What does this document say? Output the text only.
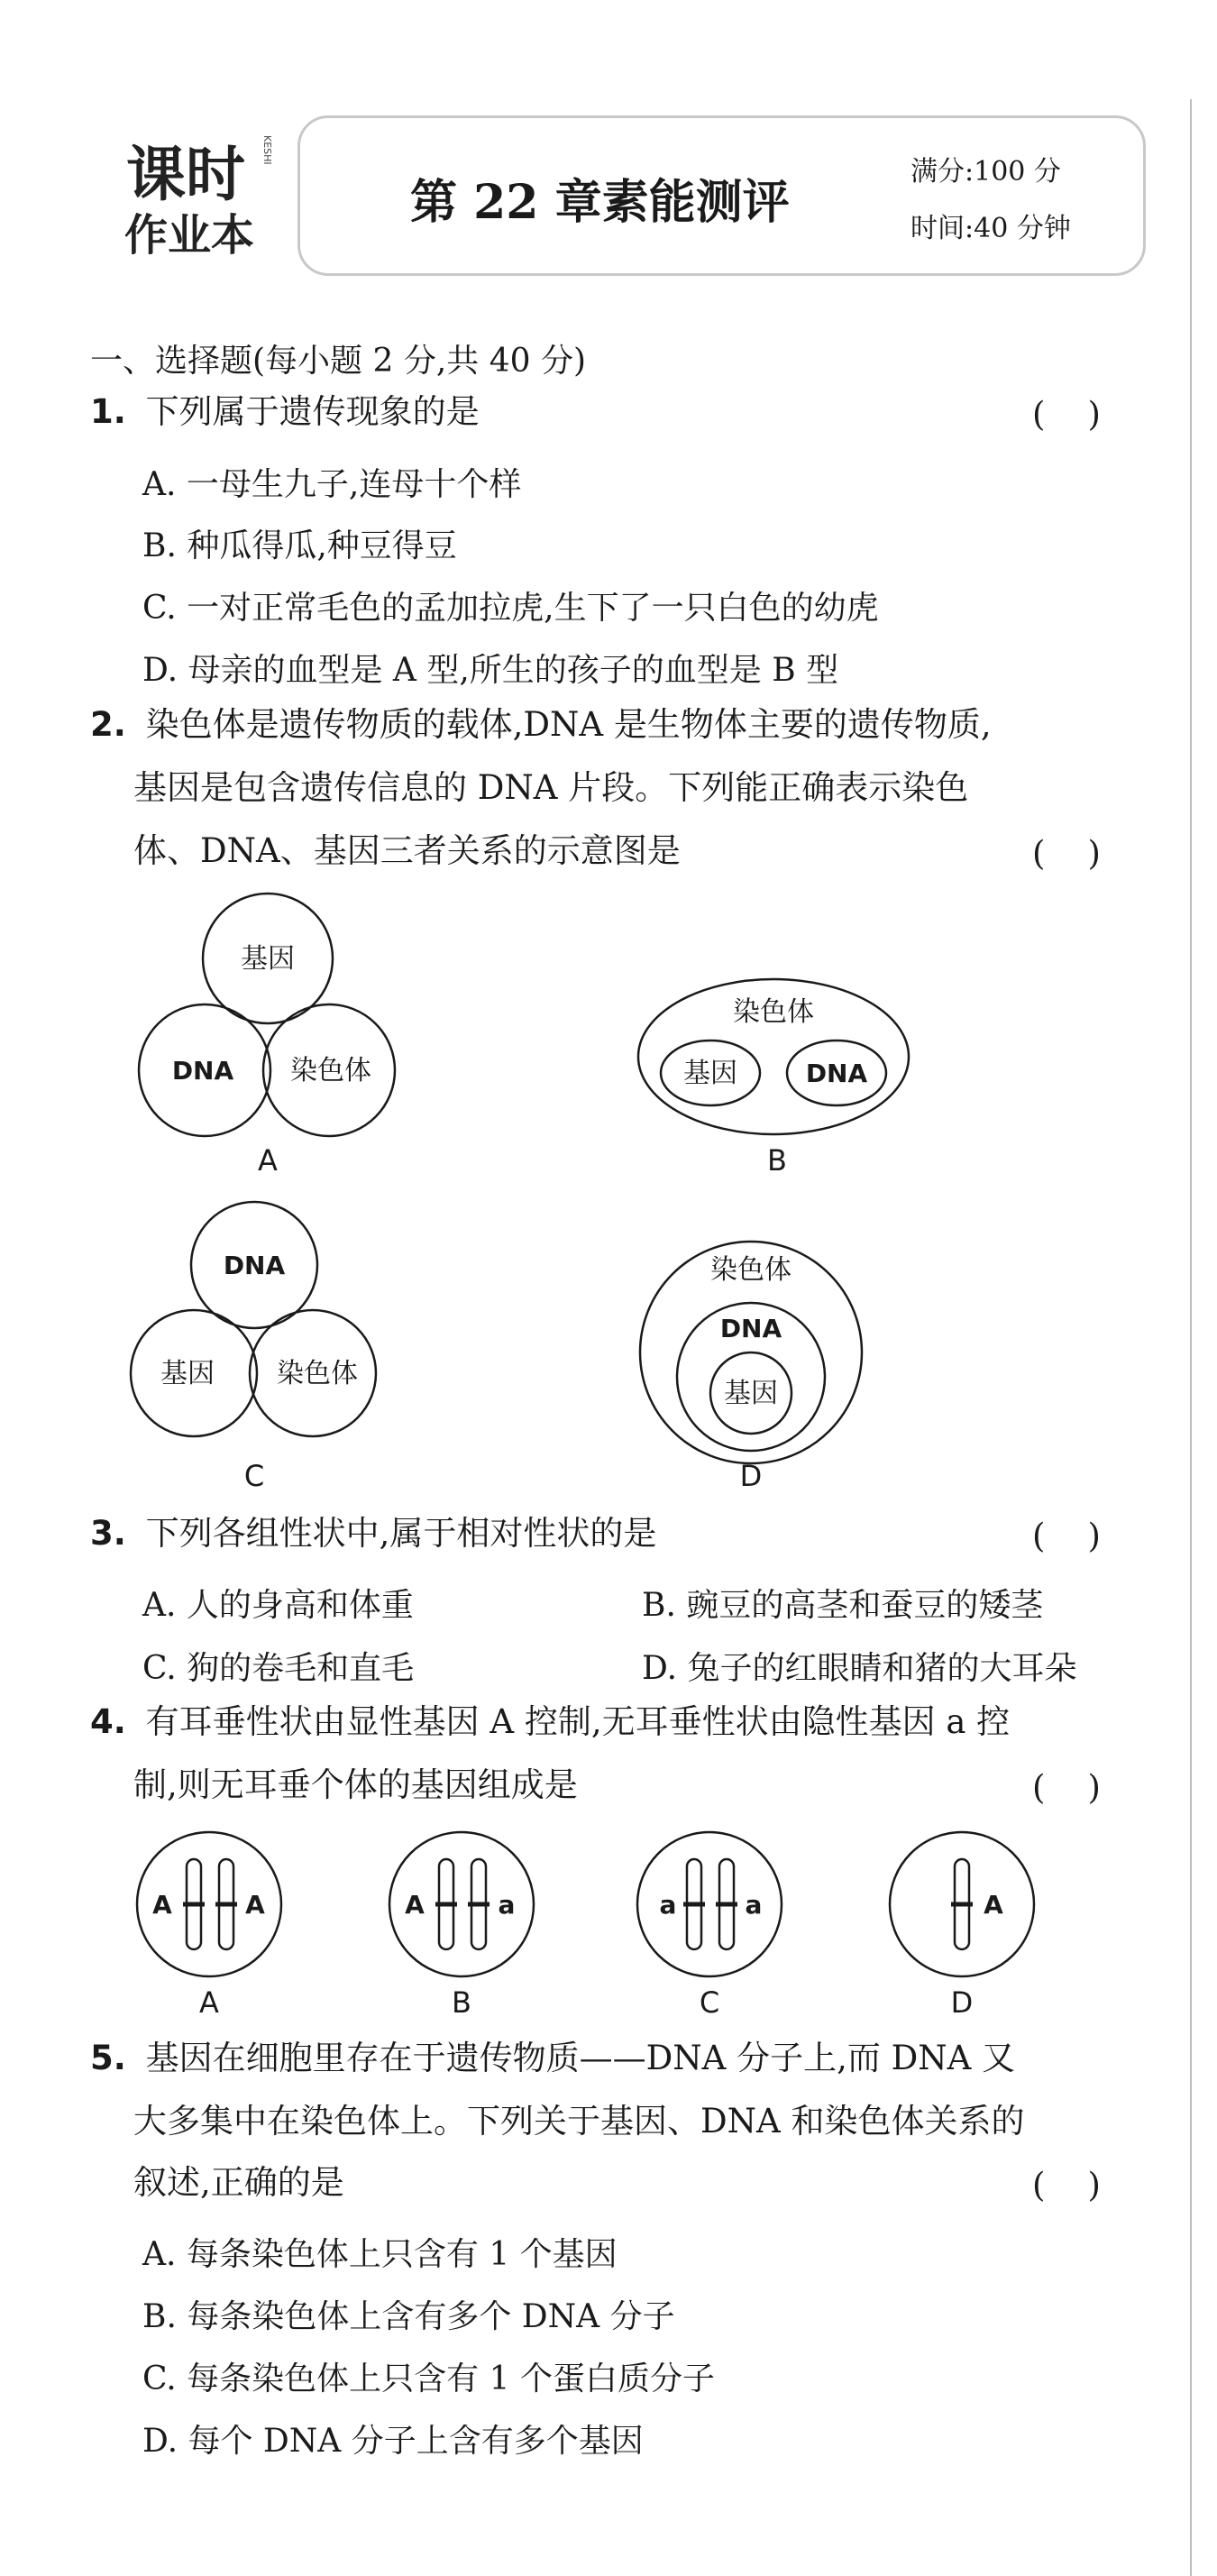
课时
作业本
KESHI
第 22 章素能测评
满分:100 分
时间:40 分钟
一、选择题(每小题 2 分,共 40 分)
1. 下列属于遗传现象的是	(    )
A. 一母生九子,连母十个样
B. 种瓜得瓜,种豆得豆
C. 一对正常毛色的孟加拉虎,生下了一只白色的幼虎
D. 母亲的血型是 A 型,所生的孩子的血型是 B 型
2. 染色体是遗传物质的载体,DNA 是生物体主要的遗传物质,
基因是包含遗传信息的 DNA 片段。下列能正确表示染色
体、DNA、基因三者关系的示意图是	(    )
基因
DNA 染色体
A
染色体
基因	DNA
B
DNA
基因 染色体
C
染色体
DNA
基因
D
3. 下列各组性状中,属于相对性状的是	(    )
A. 人的身高和体重	B. 豌豆的高茎和蚕豆的矮茎
C. 狗的卷毛和直毛	D. 兔子的红眼睛和猪的大耳朵
4. 有耳垂性状由显性基因 A 控制,无耳垂性状由隐性基因 a 控
制,则无耳垂个体的基因组成是	(    )
A	A	A	a	a	a	A
A	B	C	D
5. 基因在细胞里存在于遗传物质——DNA 分子上,而 DNA 又
大多集中在染色体上。下列关于基因、DNA 和染色体关系的
叙述,正确的是	(    )
A. 每条染色体上只含有 1 个基因
B. 每条染色体上含有多个 DNA 分子
C. 每条染色体上只含有 1 个蛋白质分子
D. 每个 DNA 分子上含有多个基因
